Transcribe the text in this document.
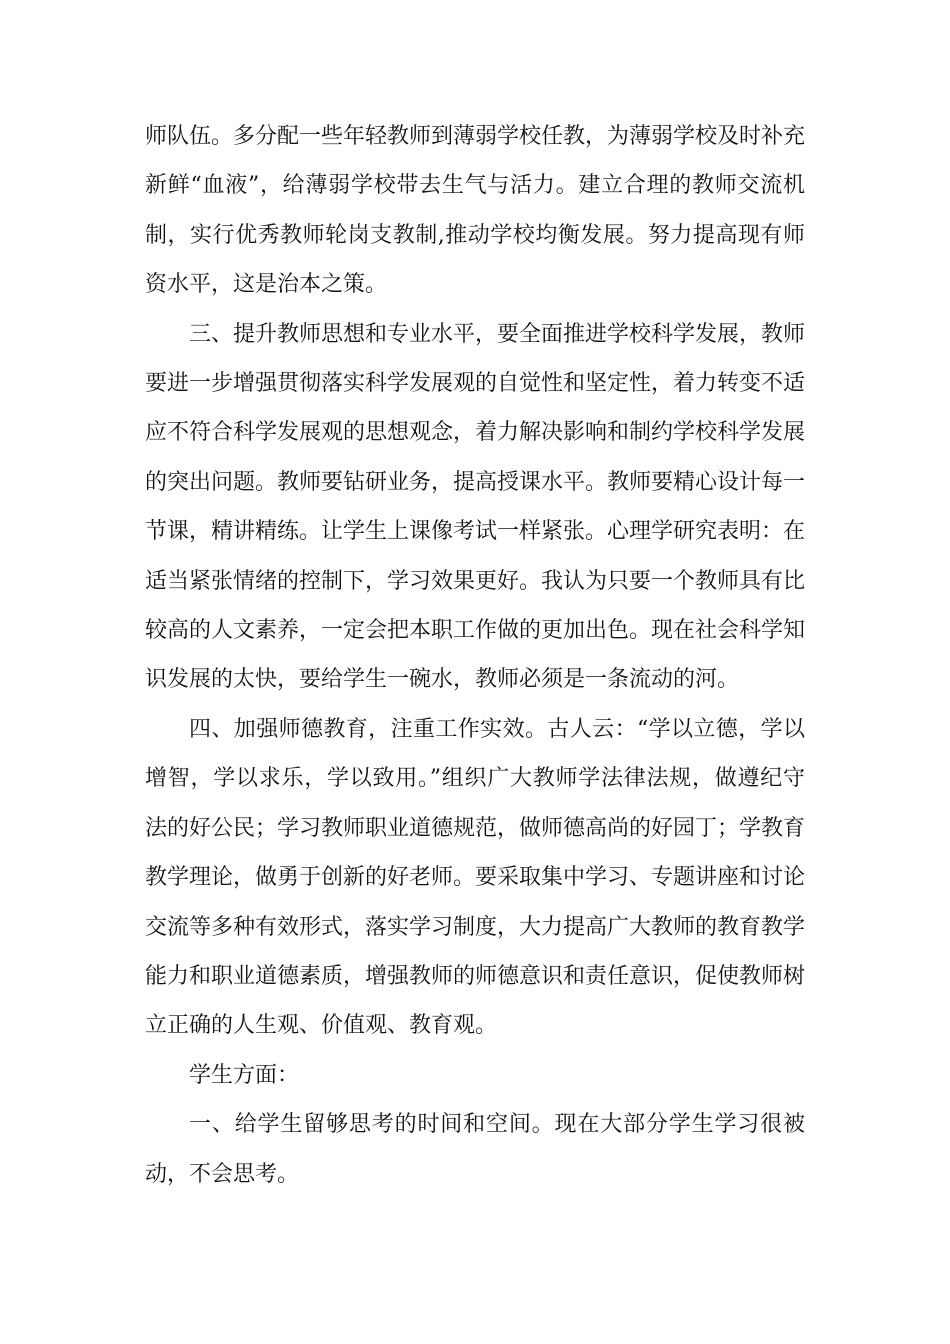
师队伍。多分配一些年轻教师到薄弱学校任教，为薄弱学校及时补充新鲜“血液”，给薄弱学校带去生气与活力。建立合理的教师交流机制，实行优秀教师轮岗支教制,推动学校均衡发展。努力提高现有师资水平，这是治本之策。

三、提升教师思想和专业水平，要全面推进学校科学发展，教师要进一步增强贯彻落实科学发展观的自觉性和坚定性，着力转变不适应不符合科学发展观的思想观念，着力解决影响和制约学校科学发展的突出问题。教师要钻研业务，提高授课水平。教师要精心设计每一节课，精讲精练。让学生上课像考试一样紧张。心理学研究表明：在适当紧张情绪的控制下，学习效果更好。我认为只要一个教师具有比较高的人文素养，一定会把本职工作做的更加出色。现在社会科学知识发展的太快，要给学生一碗水，教师必须是一条流动的河。

四、加强师德教育，注重工作实效。古人云：“学以立德，学以增智，学以求乐，学以致用。”组织广大教师学法律法规，做遵纪守法的好公民；学习教师职业道德规范，做师德高尚的好园丁；学教育教学理论，做勇于创新的好老师。要采取集中学习、专题讲座和讨论交流等多种有效形式，落实学习制度，大力提高广大教师的教育教学能力和职业道德素质，增强教师的师德意识和责任意识，促使教师树立正确的人生观、价值观、教育观。

学生方面：

一、给学生留够思考的时间和空间。现在大部分学生学习很被动，不会思考。
